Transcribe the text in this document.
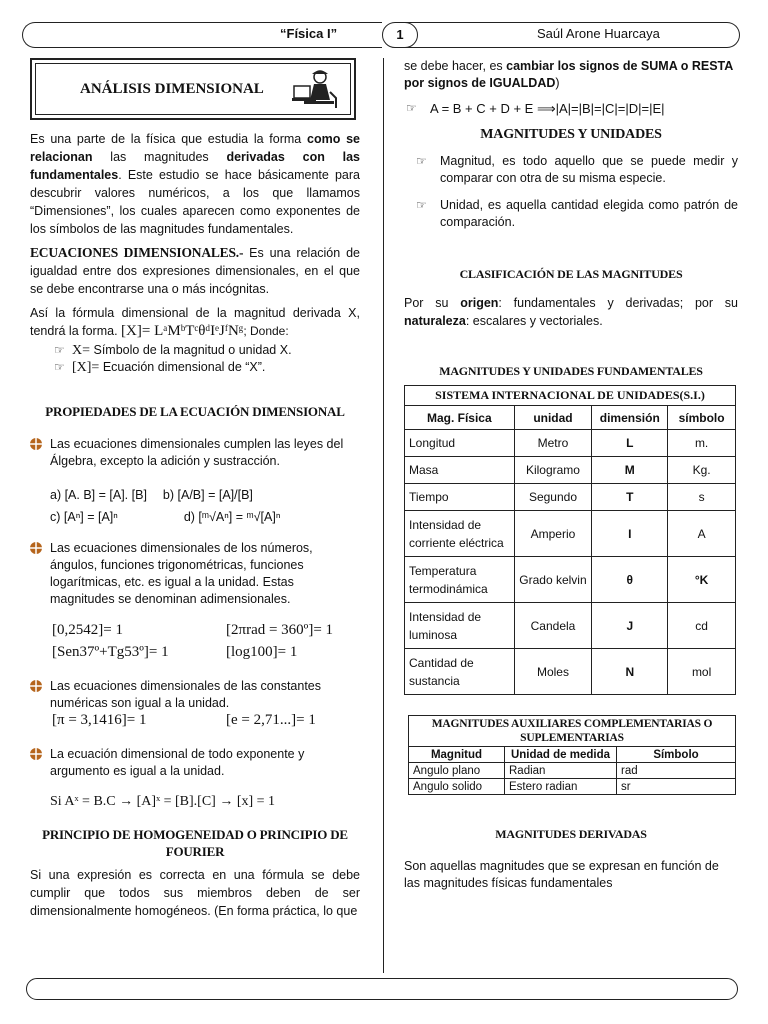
“Física I”	1	Saúl Arone Huarcaya
ANÁLISIS DIMENSIONAL

Es una parte de la física que estudia la forma como se relacionan las magnitudes derivadas con las fundamentales. Este estudio se hace básicamente para descubrir valores numéricos, a los que llamamos “Dimensiones”, los cuales aparecen como exponentes de los símbolos de las magnitudes fundamentales.

ECUACIONES DIMENSIONALES.- Es una relación de igualdad entre dos expresiones dimensionales, en el que se debe encontrarse una o más incógnitas.

Así la fórmula dimensional de la magnitud derivada X, tendrá la forma. [X]= LᵃMᵇTᶜθᵈIᵉJᶠNᵍ; Donde:

☞ X= Símbolo de la magnitud o unidad X.
☞ [X]= Ecuación dimensional de “X”.
PROPIEDADES DE LA ECUACIÓN DIMENSIONAL
Las ecuaciones dimensionales cumplen las leyes del Álgebra, excepto la adición y sustracción.
a) [A. B] = [A]. [B] b) [A/B] = [A]/[B]
c) [Aⁿ] = [A]ⁿ	d) [ᵐ√Aⁿ] = ᵐ√[A]ⁿ
Las ecuaciones dimensionales de los números, ángulos, funciones trigonométricas, funciones logarítmicas, etc. es igual a la unidad. Estas magnitudes se denominan adimensionales.
[0,2542]= 1	[2πrad = 360º]= 1
[Sen37º+Tg53º]= 1	[log100]= 1
Las ecuaciones dimensionales de las constantes numéricas son igual a la unidad.
[π = 3,1416]= 1	[e = 2,71...]= 1
La ecuación dimensional de todo exponente y argumento es igual a la unidad.
Si Aˣ = B.C → [A]ˣ = [B].[C] → [x] = 1
PRINCIPIO DE HOMOGENEIDAD O PRINCIPIO DE FOURIER

Si una expresión es correcta en una fórmula se debe cumplir que todos sus miembros deben de ser dimensionalmente homogéneos. (En forma práctica, lo que

se debe hacer, es cambiar los signos de SUMA o RESTA por signos de IGUALDAD)

☞ A = B + C + D + E ⟹|A|=|B|=|C|=|D|=|E|
MAGNITUDES Y UNIDADES
☞ Magnitud, es todo aquello que se puede medir y comparar con otra de su misma especie.
☞ Unidad, es aquella cantidad elegida como patrón de comparación.
CLASIFICACIÓN DE LAS MAGNITUDES

Por su origen: fundamentales y derivadas; por su naturaleza: escalares y vectoriales.

MAGNITUDES Y UNIDADES FUNDAMENTALES
SISTEMA INTERNACIONAL DE UNIDADES(S.I.)			
Mag. Física	unidad	dimensión	símbolo
Longitud	Metro	L	m.
Masa	Kilogramo	M	Kg.
Tiempo	Segundo	T	s
Intensidad de corriente eléctrica	Amperio	I	A
Temperatura termodinámica	Grado kelvin	θ	°K
Intensidad de luminosa	Candela	J	cd
Cantidad de sustancia	Moles	N	mol
MAGNITUDES AUXILIARES COMPLEMENTARIAS O SUPLEMENTARIAS		
Magnitud	Unidad de medida	Símbolo
Angulo plano	Radian	rad
Angulo solido	Estero radian	sr
MAGNITUDES DERIVADAS

Son aquellas magnitudes que se expresan en función de las magnitudes físicas fundamentales
